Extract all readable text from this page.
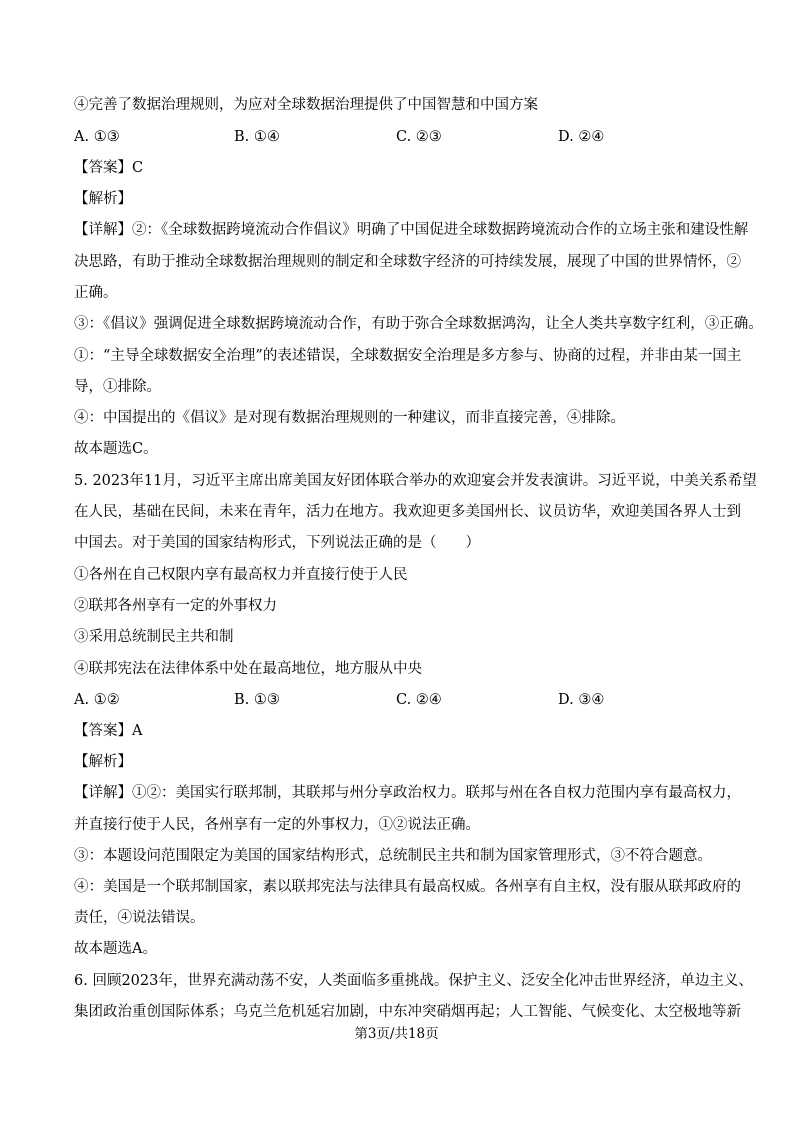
④完善了数据治理规则，为应对全球数据治理提供了中国智慧和中国方案
A. ①③	B. ①④	C. ②③	D. ②④
【答案】C
【解析】
【详解】②：《全球数据跨境流动合作倡议》明确了中国促进全球数据跨境流动合作的立场主张和建设性解
决思路，有助于推动全球数据治理规则的制定和全球数字经济的可持续发展，展现了中国的世界情怀，②
正确。
③：《倡议》强调促进全球数据跨境流动合作，有助于弥合全球数据鸿沟，让全人类共享数字红利，③正确。
①：“主导全球数据安全治理”的表述错误，全球数据安全治理是多方参与、协商的过程，并非由某一国主
导，①排除。
④：中国提出的《倡议》是对现有数据治理规则的一种建议，而非直接完善，④排除。
故本题选C。
5. 2023年11月，习近平主席出席美国友好团体联合举办的欢迎宴会并发表演讲。习近平说，中美关系希望
在人民，基础在民间，未来在青年，活力在地方。我欢迎更多美国州长、议员访华，欢迎美国各界人士到
中国去。对于美国的国家结构形式，下列说法正确的是（　　）
①各州在自己权限内享有最高权力并直接行使于人民
②联邦各州享有一定的外事权力
③采用总统制民主共和制
④联邦宪法在法律体系中处在最高地位，地方服从中央
A. ①②	B. ①③	C. ②④	D. ③④
【答案】A
【解析】
【详解】①②：美国实行联邦制，其联邦与州分享政治权力。联邦与州在各自权力范围内享有最高权力，
并直接行使于人民，各州享有一定的外事权力，①②说法正确。
③：本题设问范围限定为美国的国家结构形式，总统制民主共和制为国家管理形式，③不符合题意。
④：美国是一个联邦制国家，素以联邦宪法与法律具有最高权威。各州享有自主权，没有服从联邦政府的
责任，④说法错误。
故本题选A。
6. 回顾2023年，世界充满动荡不安，人类面临多重挑战。保护主义、泛安全化冲击世界经济，单边主义、
集团政治重创国际体系；乌克兰危机延宕加剧，中东冲突硝烟再起；人工智能、气候变化、太空极地等新
第3页/共18页
